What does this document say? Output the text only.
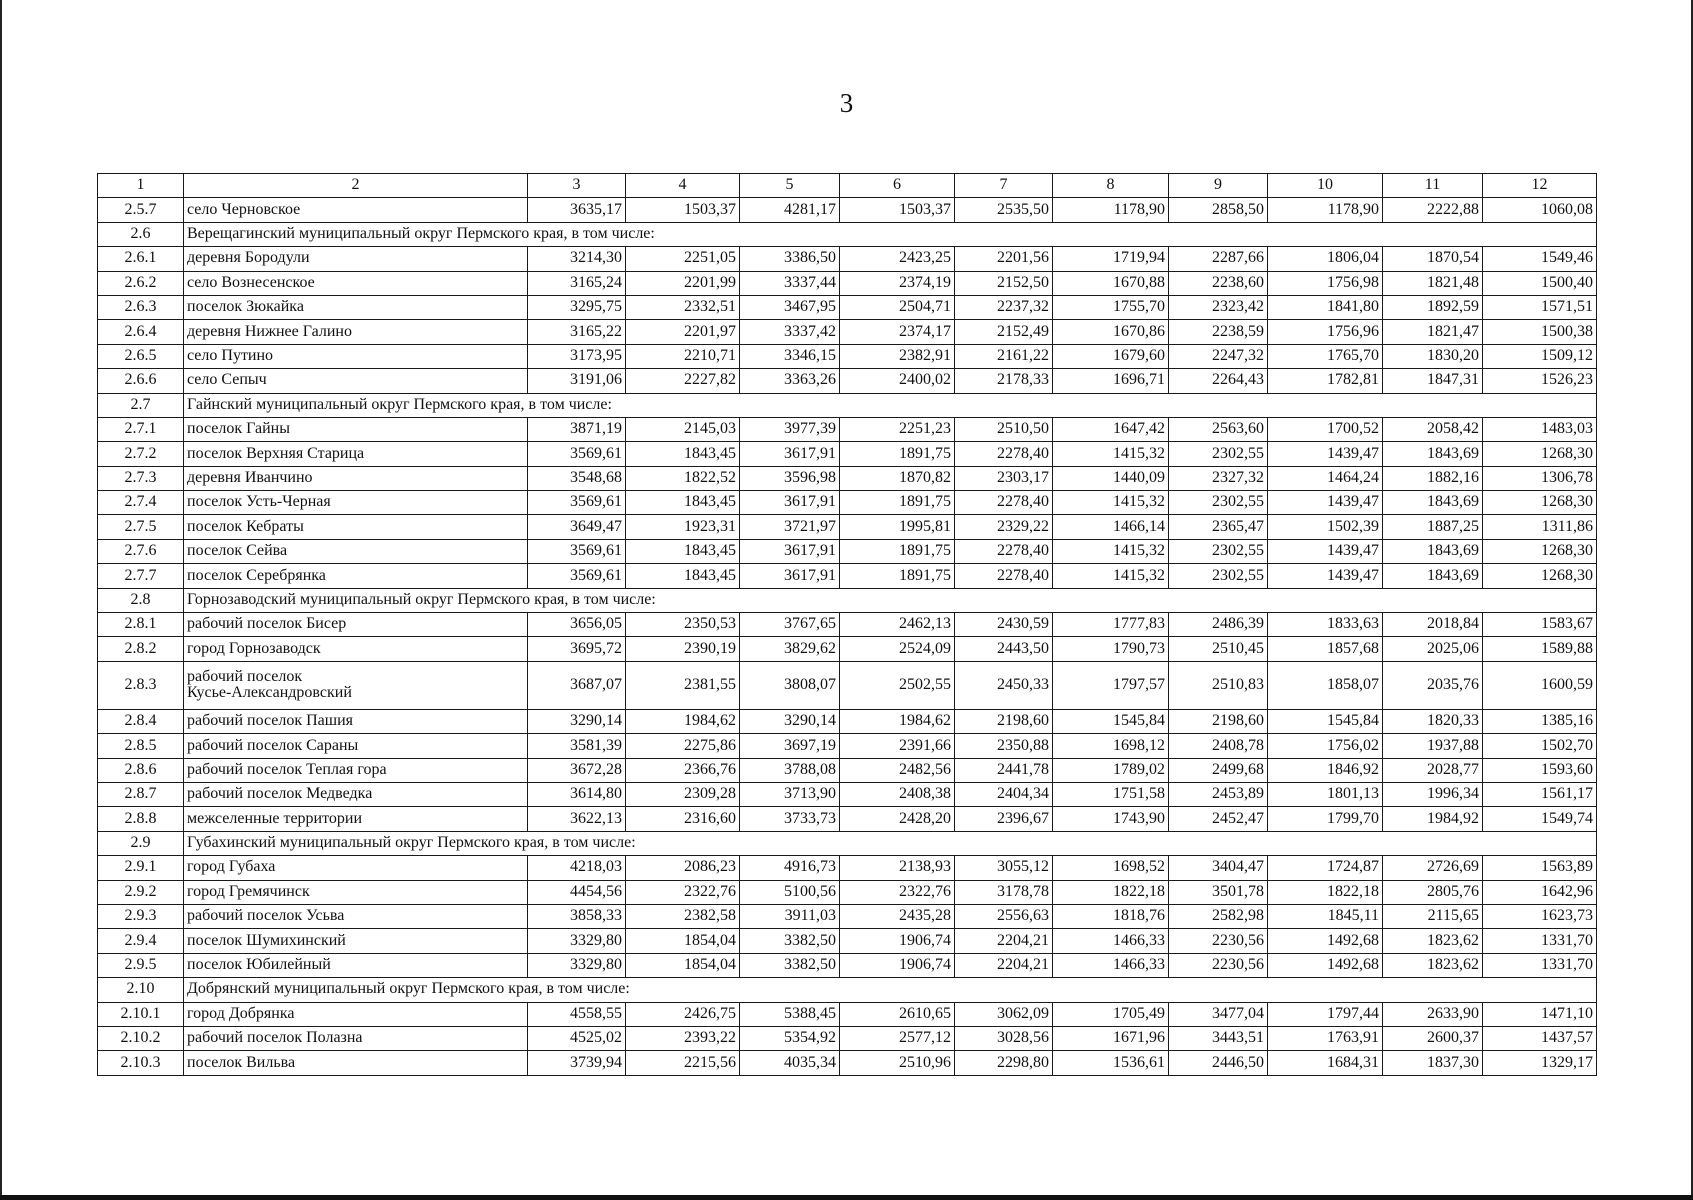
3
1	2	3	4	5	6	7	8	9	10	11	12
2.5.7	село Черновское	3635,17	1503,37	4281,17	1503,37	2535,50	1178,90	2858,50	1178,90	2222,88	1060,08
2.6	Верещагинский муниципальный округ Пермского края, в том числе:										
2.6.1	деревня Бородули	3214,30	2251,05	3386,50	2423,25	2201,56	1719,94	2287,66	1806,04	1870,54	1549,46
2.6.2	село Вознесенское	3165,24	2201,99	3337,44	2374,19	2152,50	1670,88	2238,60	1756,98	1821,48	1500,40
2.6.3	поселок Зюкайка	3295,75	2332,51	3467,95	2504,71	2237,32	1755,70	2323,42	1841,80	1892,59	1571,51
2.6.4	деревня Нижнее Галино	3165,22	2201,97	3337,42	2374,17	2152,49	1670,86	2238,59	1756,96	1821,47	1500,38
2.6.5	село Путино	3173,95	2210,71	3346,15	2382,91	2161,22	1679,60	2247,32	1765,70	1830,20	1509,12
2.6.6	село Сепыч	3191,06	2227,82	3363,26	2400,02	2178,33	1696,71	2264,43	1782,81	1847,31	1526,23
2.7	Гайнский муниципальный округ Пермского края, в том числе:										
2.7.1	поселок Гайны	3871,19	2145,03	3977,39	2251,23	2510,50	1647,42	2563,60	1700,52	2058,42	1483,03
2.7.2	поселок Верхняя Старица	3569,61	1843,45	3617,91	1891,75	2278,40	1415,32	2302,55	1439,47	1843,69	1268,30
2.7.3	деревня Иванчино	3548,68	1822,52	3596,98	1870,82	2303,17	1440,09	2327,32	1464,24	1882,16	1306,78
2.7.4	поселок Усть-Черная	3569,61	1843,45	3617,91	1891,75	2278,40	1415,32	2302,55	1439,47	1843,69	1268,30
2.7.5	поселок Кебраты	3649,47	1923,31	3721,97	1995,81	2329,22	1466,14	2365,47	1502,39	1887,25	1311,86
2.7.6	поселок Сейва	3569,61	1843,45	3617,91	1891,75	2278,40	1415,32	2302,55	1439,47	1843,69	1268,30
2.7.7	поселок Серебрянка	3569,61	1843,45	3617,91	1891,75	2278,40	1415,32	2302,55	1439,47	1843,69	1268,30
2.8	Горнозаводский муниципальный округ Пермского края, в том числе:										
2.8.1	рабочий поселок Бисер	3656,05	2350,53	3767,65	2462,13	2430,59	1777,83	2486,39	1833,63	2018,84	1583,67
2.8.2	город Горнозаводск	3695,72	2390,19	3829,62	2524,09	2443,50	1790,73	2510,45	1857,68	2025,06	1589,88
2.8.3	рабочий поселок
Кусье-Александровский	3687,07	2381,55	3808,07	2502,55	2450,33	1797,57	2510,83	1858,07	2035,76	1600,59
2.8.4	рабочий поселок Пашия	3290,14	1984,62	3290,14	1984,62	2198,60	1545,84	2198,60	1545,84	1820,33	1385,16
2.8.5	рабочий поселок Сараны	3581,39	2275,86	3697,19	2391,66	2350,88	1698,12	2408,78	1756,02	1937,88	1502,70
2.8.6	рабочий поселок Теплая гора	3672,28	2366,76	3788,08	2482,56	2441,78	1789,02	2499,68	1846,92	2028,77	1593,60
2.8.7	рабочий поселок Медведка	3614,80	2309,28	3713,90	2408,38	2404,34	1751,58	2453,89	1801,13	1996,34	1561,17
2.8.8	межселенные территории	3622,13	2316,60	3733,73	2428,20	2396,67	1743,90	2452,47	1799,70	1984,92	1549,74
2.9	Губахинский муниципальный округ Пермского края, в том числе:										
2.9.1	город Губаха	4218,03	2086,23	4916,73	2138,93	3055,12	1698,52	3404,47	1724,87	2726,69	1563,89
2.9.2	город Гремячинск	4454,56	2322,76	5100,56	2322,76	3178,78	1822,18	3501,78	1822,18	2805,76	1642,96
2.9.3	рабочий поселок Усьва	3858,33	2382,58	3911,03	2435,28	2556,63	1818,76	2582,98	1845,11	2115,65	1623,73
2.9.4	поселок Шумихинский	3329,80	1854,04	3382,50	1906,74	2204,21	1466,33	2230,56	1492,68	1823,62	1331,70
2.9.5	поселок Юбилейный	3329,80	1854,04	3382,50	1906,74	2204,21	1466,33	2230,56	1492,68	1823,62	1331,70
2.10	Добрянский муниципальный округ Пермского края, в том числе:										
2.10.1	город Добрянка	4558,55	2426,75	5388,45	2610,65	3062,09	1705,49	3477,04	1797,44	2633,90	1471,10
2.10.2	рабочий поселок Полазна	4525,02	2393,22	5354,92	2577,12	3028,56	1671,96	3443,51	1763,91	2600,37	1437,57
2.10.3	поселок Вильва	3739,94	2215,56	4035,34	2510,96	2298,80	1536,61	2446,50	1684,31	1837,30	1329,17
